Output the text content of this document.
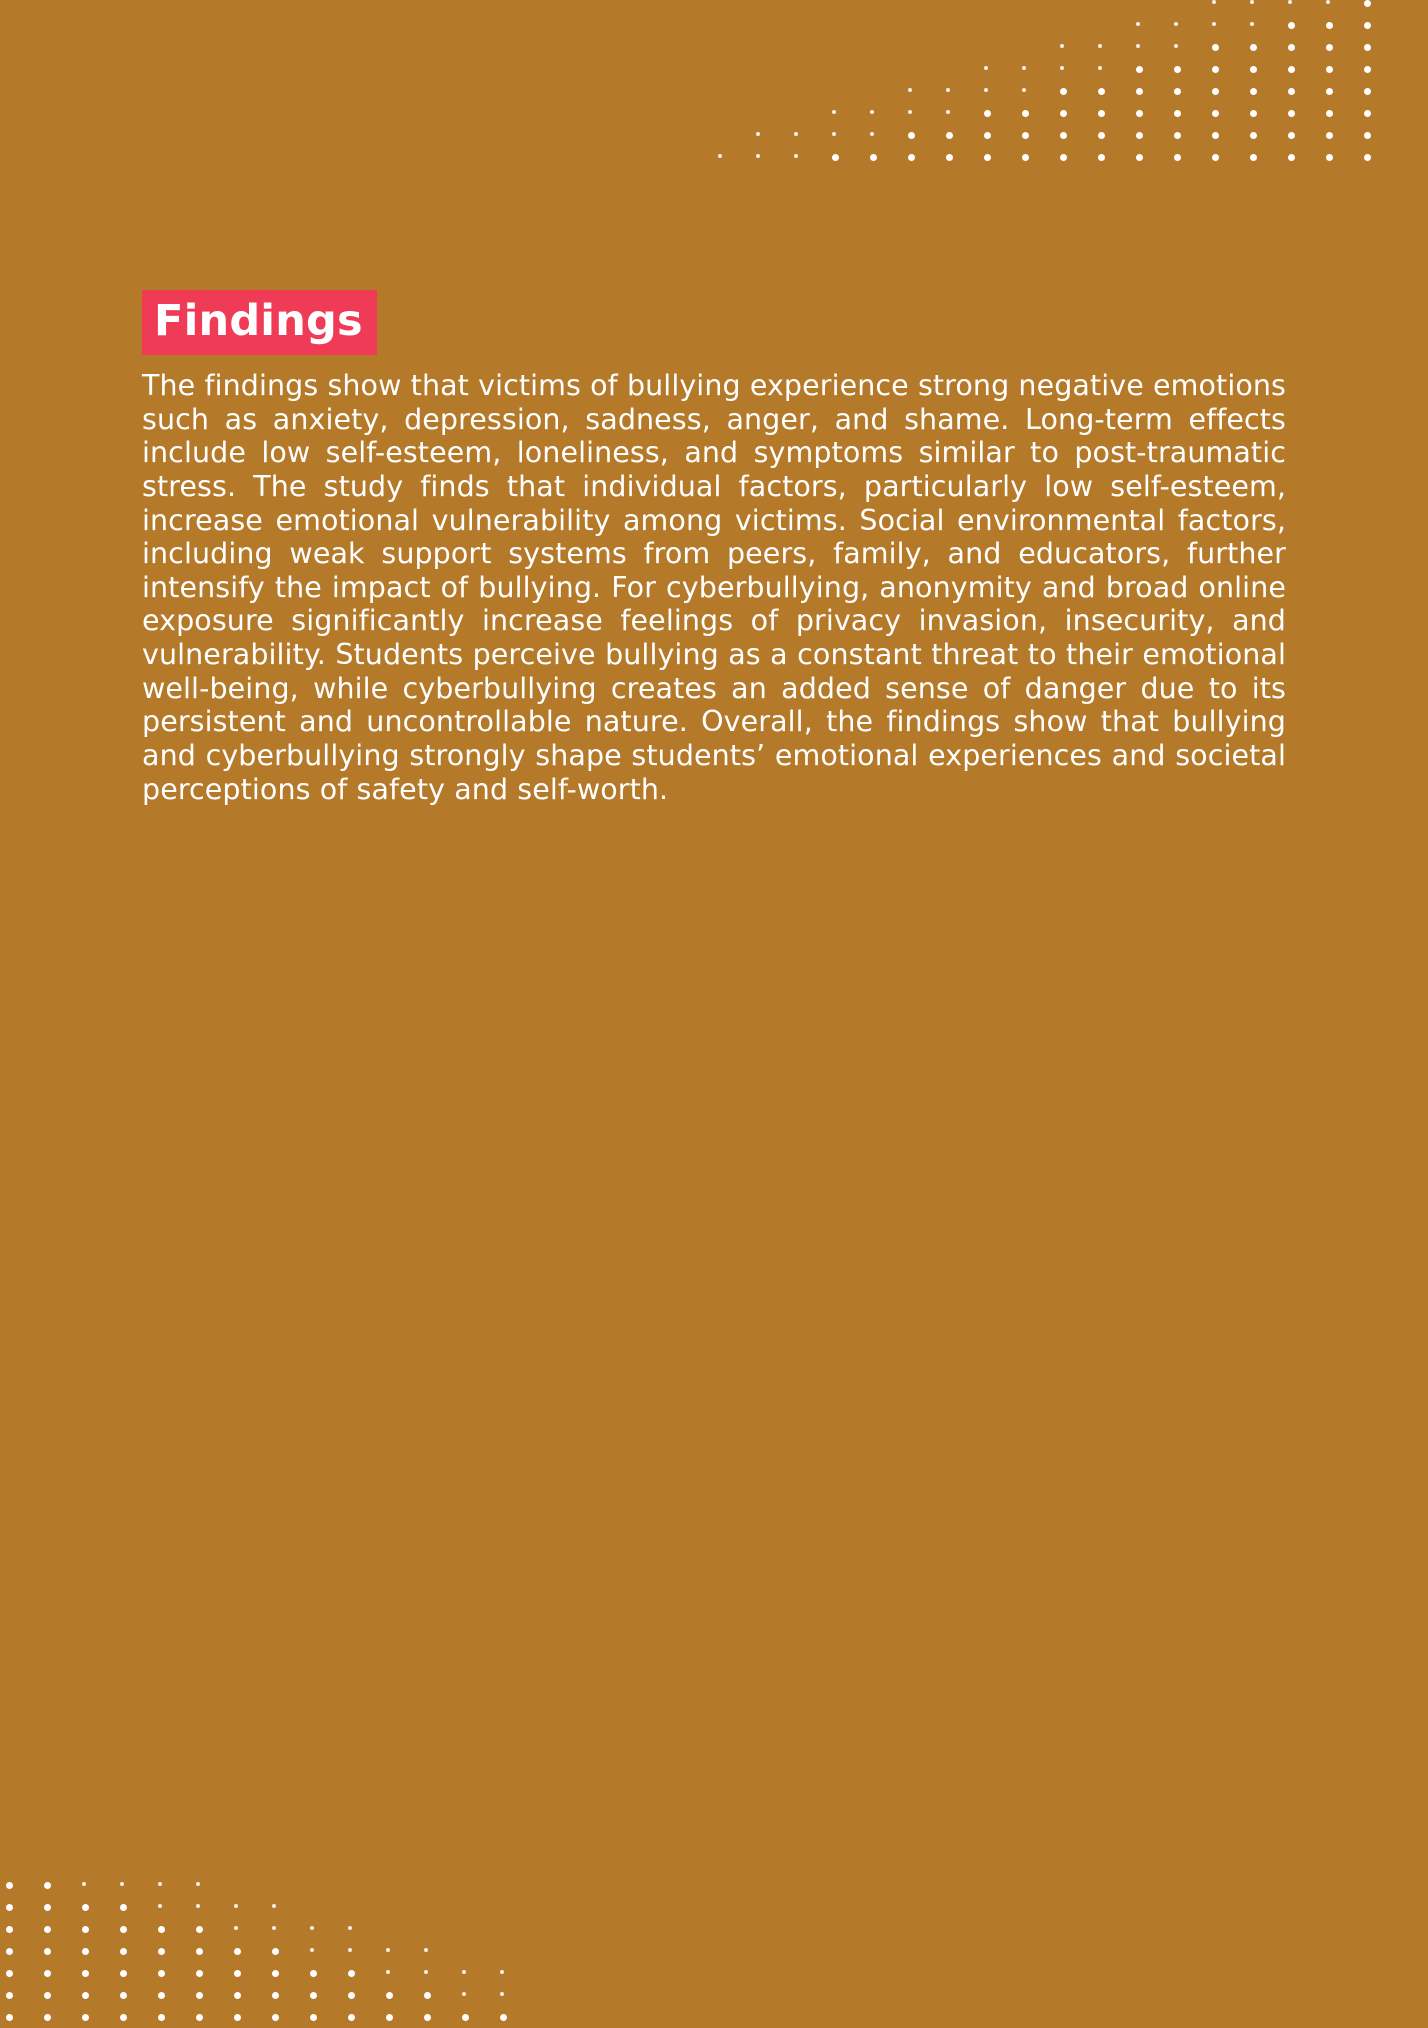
Findings

The findings show that victims of bullying experience strong negative emotions such as anxiety, depression, sadness, anger, and shame. Long-term effects include low self-esteem, loneliness, and symptoms similar to post-traumatic stress. The study finds that individual factors, particularly low self-esteem, increase emotional vulnerability among victims. Social environmental factors, including weak support systems from peers, family, and educators, further intensify the impact of bullying. For cyberbullying, anonymity and broad online exposure significantly increase feelings of privacy invasion, insecurity, and vulnerability. Students perceive bullying as a constant threat to their emotional well-being, while cyberbullying creates an added sense of danger due to its persistent and uncontrollable nature. Overall, the findings show that bullying and cyberbullying strongly shape students’ emotional experiences and societal perceptions of safety and self-worth.
